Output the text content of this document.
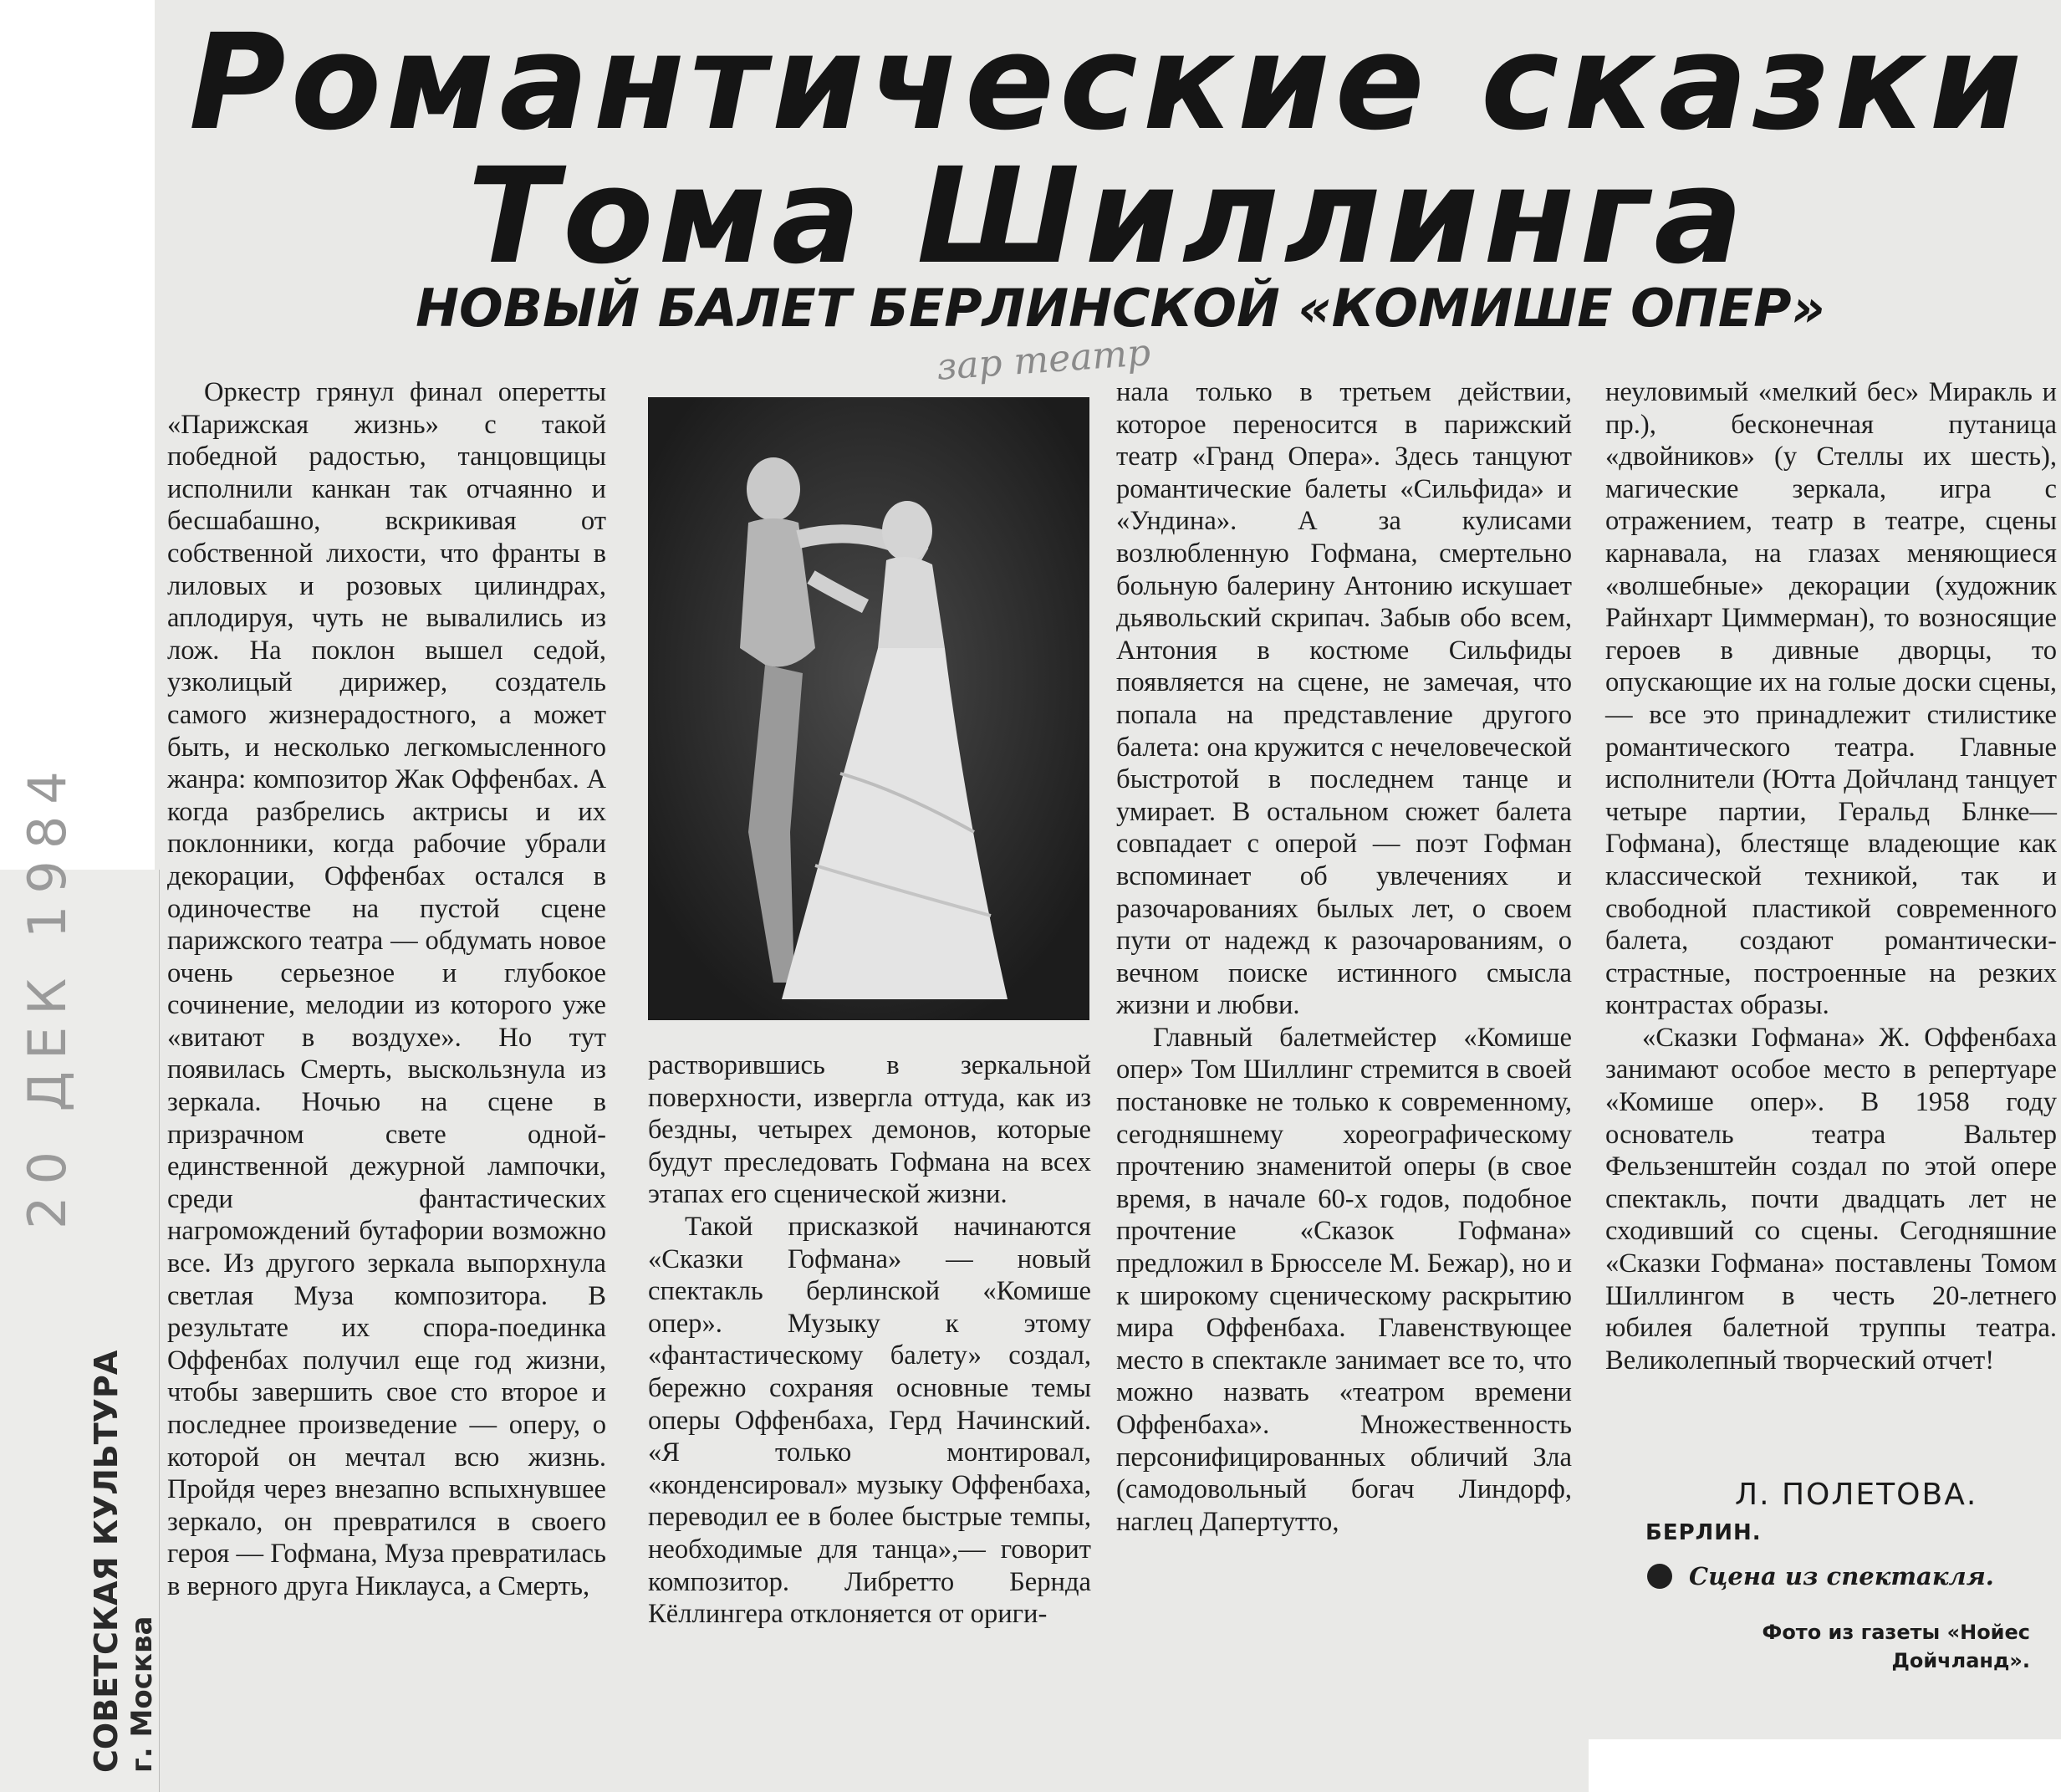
Романтические сказки
Тома Шиллинга
НОВЫЙ БАЛЕТ БЕРЛИНСКОЙ «КОМИШЕ ОПЕР»
зар театр
20 ДЕК 1984
СОВЕТСКАЯ КУЛЬТУРА г. Москва

Оркестр грянул финал оперетты «Парижская жизнь» с такой победной радостью, танцовщицы исполнили канкан так отчаянно и бесшабашно, вскрикивая от собственной лихости, что франты в лиловых и розовых цилиндрах, аплодируя, чуть не вывалились из лож. На поклон вышел седой, узколицый дирижер, создатель самого жизнерадостного, а может быть, и несколько легкомысленного жанра: композитор Жак Оффенбах. А когда разбрелись актрисы и их поклонники, когда рабочие убрали декорации, Оффенбах остался в одиночестве на пустой сцене парижского театра — обдумать новое очень серьезное и глубокое сочинение, мелодии из которого уже «витают в воздухе». Но тут появилась Смерть, выскользнула из зеркала. Ночью на сцене в призрачном свете одной-единственной дежурной лампочки, среди фантастических нагромождений бутафории возможно все. Из другого зеркала выпорхнула светлая Муза композитора. В результате их спора-поединка Оффенбах получил еще год жизни, чтобы завершить свое сто второе и последнее произведение — оперу, о которой он мечтал всю жизнь. Пройдя через внезапно вспыхнувшее зеркало, он превратился в своего героя — Гофмана, Муза превратилась в верного друга Никлауса, а Смерть,

растворившись в зеркальной поверхности, извергла оттуда, как из бездны, четырех демонов, которые будут преследовать Гофмана на всех этапах его сценической жизни.

Такой присказкой начинаются «Сказки Гофмана» — новый спектакль берлинской «Комише опер». Музыку к этому «фантастическому балету» создал, бережно сохраняя основные темы оперы Оффенбаха, Герд Начинский. «Я только монтировал, «конденсировал» музыку Оффенбаха, переводил ее в более быстрые темпы, необходимые для танца»,— говорит композитор. Либретто Бернда Кёллингера отклоняется от ориги-

нала только в третьем действии, которое переносится в парижский театр «Гранд Опера». Здесь танцуют романтические балеты «Сильфида» и «Ундина». А за кулисами возлюбленную Гофмана, смертельно больную балерину Антонию искушает дьявольский скрипач. Забыв обо всем, Антония в костюме Сильфиды появляется на сцене, не замечая, что попала на представление другого балета: она кружится с нечеловеческой быстротой в последнем танце и умирает. В остальном сюжет балета совпадает с оперой — поэт Гофман вспоминает об увлечениях и разочарованиях былых лет, о своем пути от надежд к разочарованиям, о вечном поиске истинного смысла жизни и любви.

Главный балетмейстер «Комише опер» Том Шиллинг стремится в своей постановке не только к современному, сегодняшнему хореографическому прочтению знаменитой оперы (в свое время, в начале 60-х годов, подобное прочтение «Сказок Гофмана» предложил в Брюсселе М. Бежар), но и к широкому сценическому раскрытию мира Оффенбаха. Главенствующее место в спектакле занимает все то, что можно назвать «театром времени Оффенбаха». Множественность персонифицированных обличий Зла (самодовольный богач Линдорф, наглец Дапертутто,

неуловимый «мелкий бес» Миракль и пр.), бесконечная путаница «двойников» (у Стеллы их шесть), магические зеркала, игра с отражением, театр в театре, сцены карнавала, на глазах меняющиеся «волшебные» декорации (художник Райнхарт Циммерман), то возносящие героев в дивные дворцы, то опускающие их на голые доски сцены,— все это принадлежит стилистике романтического театра. Главные исполнители (Ютта Дойчланд танцует четыре партии, Геральд Блнке—Гофмана), блестяще владеющие как классической техникой, так и свободной пластикой современного балета, создают романтически-страстные, построенные на резких контрастах образы.

«Сказки Гофмана» Ж. Оффенбаха занимают особое место в репертуаре «Комише опер». В 1958 году основатель театра Вальтер Фельзенштейн создал по этой опере спектакль, почти двадцать лет не сходивший со сцены. Сегодняшние «Сказки Гофмана» поставлены Томом Шиллингом в честь 20-летнего юбилея балетной труппы театра. Великолепный творческий отчет!

Л. ПОЛЕТОВА.
БЕРЛИН.
Сцена из спектакля.
Фото из газеты «Нойес Дойчланд».
